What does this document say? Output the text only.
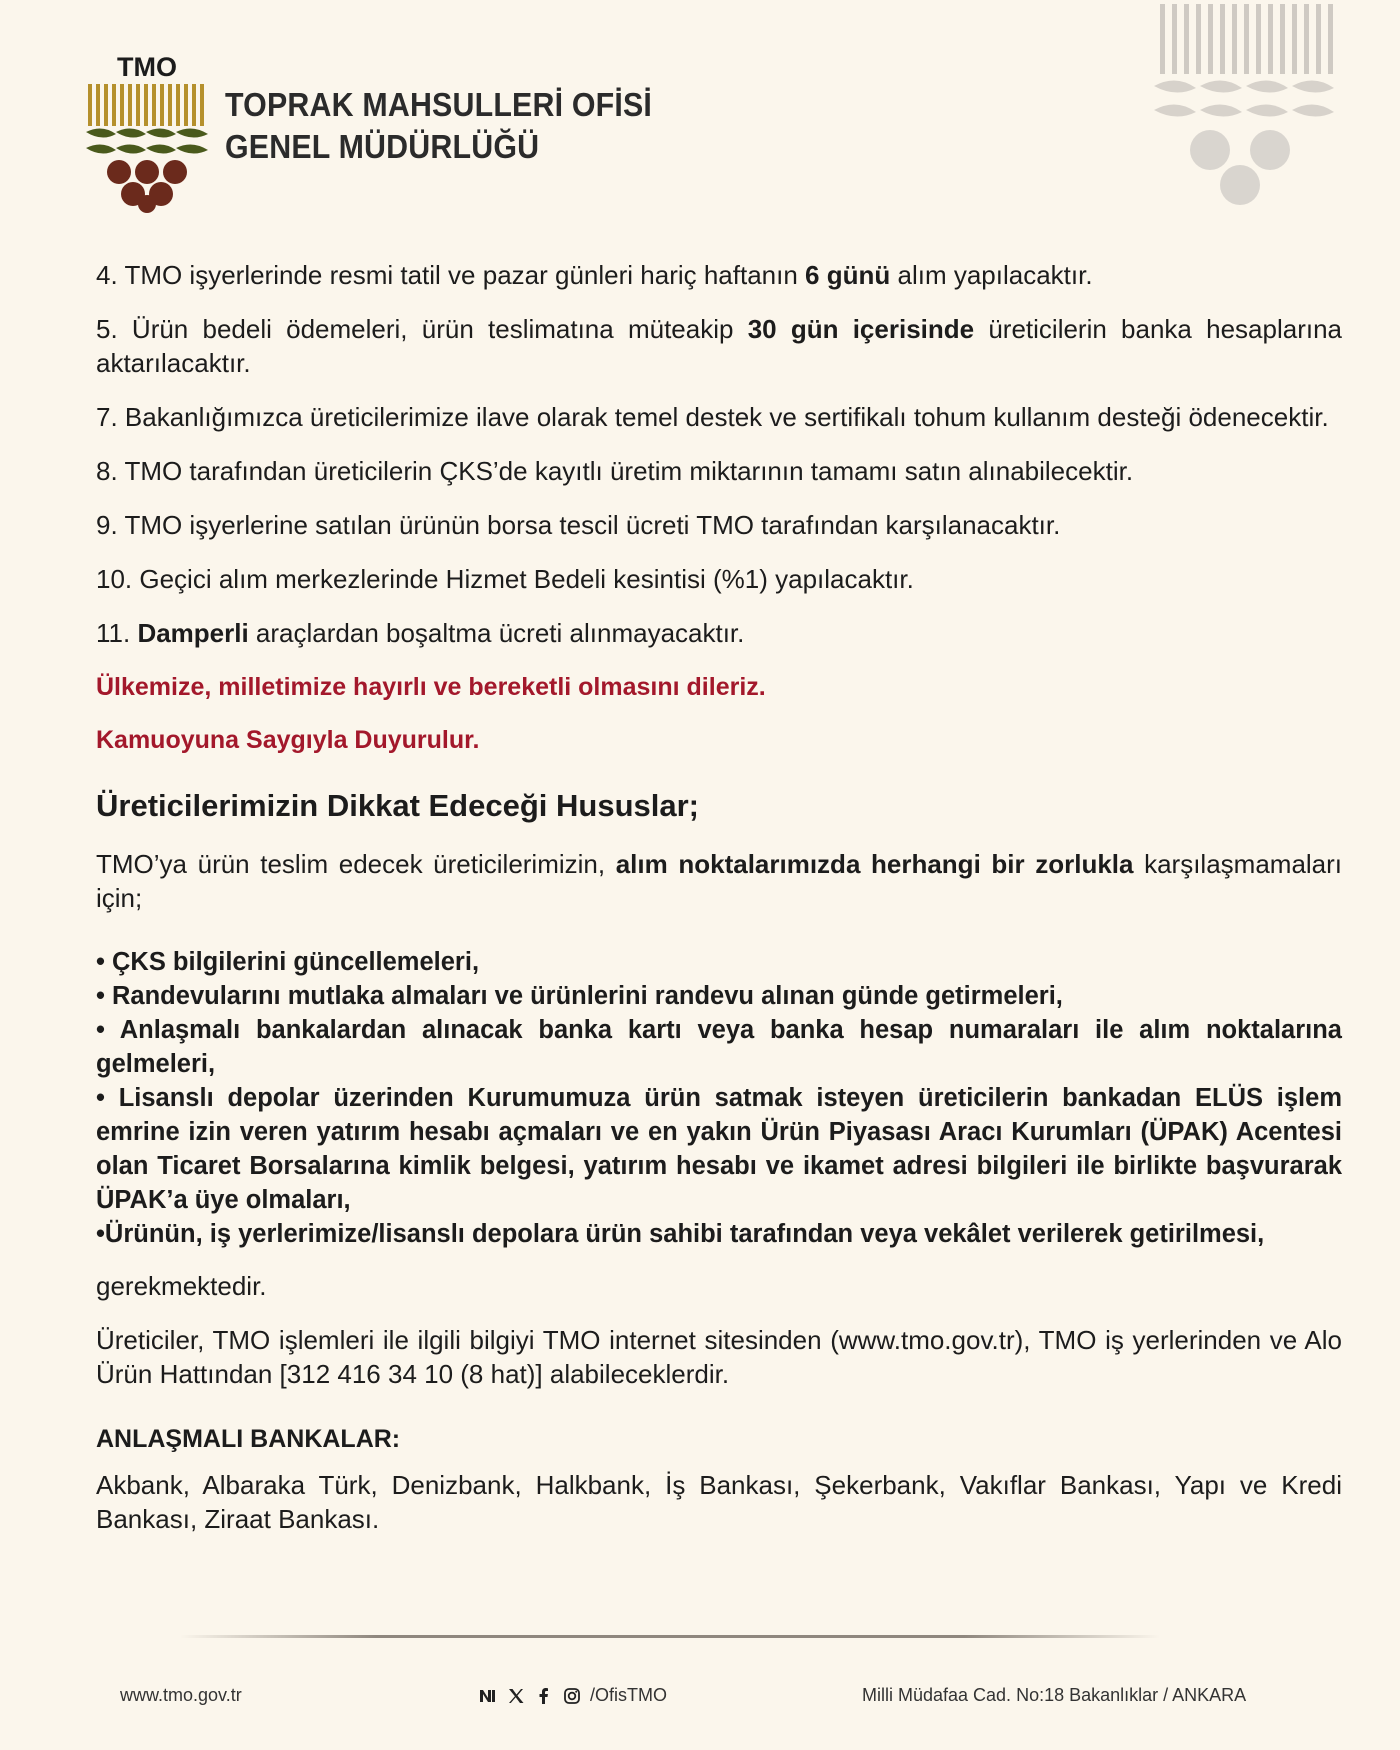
TMO
TOPRAK MAHSULLERİ OFİSİ
GENEL MÜDÜRLÜĞÜ

4. TMO işyerlerinde resmi tatil ve pazar günleri hariç haftanın 6 günü alım yapılacaktır.

5. Ürün bedeli ödemeleri, ürün teslimatına müteakip 30 gün içerisinde üreticilerin banka hesaplarına aktarılacaktır.

7. Bakanlığımızca üreticilerimize ilave olarak temel destek ve sertifikalı tohum kullanım desteği ödenecektir.

8. TMO tarafından üreticilerin ÇKS’de kayıtlı üretim miktarının tamamı satın alınabilecektir.

9. TMO işyerlerine satılan ürünün borsa tescil ücreti TMO tarafından karşılanacaktır.

10. Geçici alım merkezlerinde Hizmet Bedeli kesintisi (%1) yapılacaktır.

11. Damperli araçlardan boşaltma ücreti alınmayacaktır.

Ülkemize, milletimize hayırlı ve bereketli olmasını dileriz.

Kamuoyuna Saygıyla Duyurulur.

Üreticilerimizin Dikkat Edeceği Hususlar;

TMO’ya ürün teslim edecek üreticilerimizin, alım noktalarımızda herhangi bir zorlukla karşılaşmamaları için;

• ÇKS bilgilerini güncellemeleri,
• Randevularını mutlaka almaları ve ürünlerini randevu alınan günde getirmeleri,
• Anlaşmalı bankalardan alınacak banka kartı veya banka hesap numaraları ile alım noktalarına gelmeleri,
• Lisanslı depolar üzerinden Kurumumuza ürün satmak isteyen üreticilerin bankadan ELÜS işlem emrine izin veren yatırım hesabı açmaları ve en yakın Ürün Piyasası Aracı Kurumları (ÜPAK) Acentesi olan Ticaret Borsalarına kimlik belgesi, yatırım hesabı ve ikamet adresi bilgileri ile birlikte başvurarak ÜPAK’a üye olmaları,
•Ürünün, iş yerlerimize/lisanslı depolara ürün sahibi tarafından veya vekâlet verilerek getirilmesi,

gerekmektedir.

Üreticiler, TMO işlemleri ile ilgili bilgiyi TMO internet sitesinden (www.tmo.gov.tr), TMO iş yerlerinden ve Alo Ürün Hattından [312 416 34 10 (8 hat)] alabileceklerdir.

ANLAŞMALI BANKALAR:

Akbank, Albaraka Türk, Denizbank, Halkbank, İş Bankası, Şekerbank, Vakıflar Bankası, Yapı ve Kredi Bankası, Ziraat Bankası.

www.tmo.gov.tr	/OfisTMO	Milli Müdafaa Cad. No:18 Bakanlıklar / ANKARA
